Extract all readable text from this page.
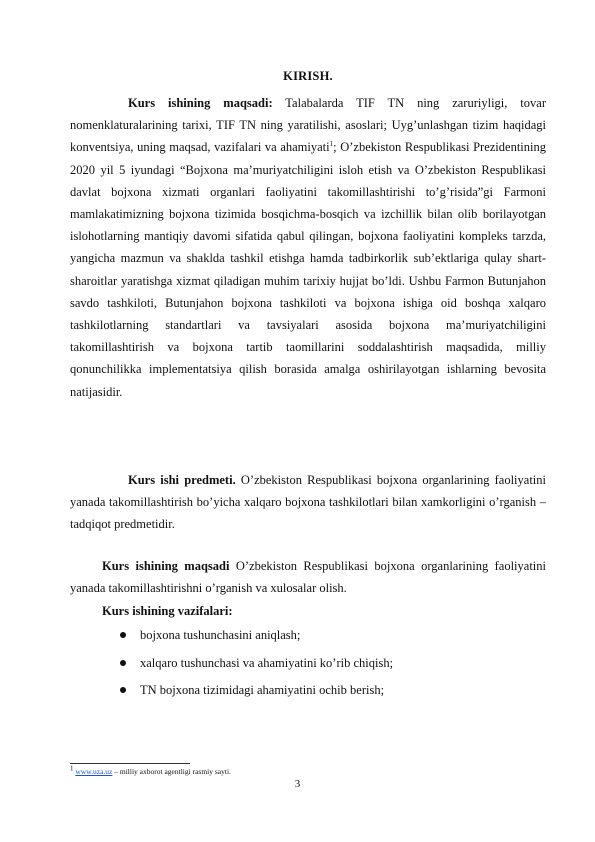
KIRISH.

Kurs ishining maqsadi: Talabalarda TIF TN ning zaruriyligi, tovar nomenklaturalarining tarixi, TIF TN ning yaratilishi, asoslari; Uyg’unlashgan tizim haqidagi konventsiya, uning maqsad, vazifalari va ahamiyati$^1$; O’zbekiston Respublikasi Prezidentining 2020 yil 5 iyundagi “Bojxona ma’muriyatchiligini isloh etish va O’zbekiston Respublikasi davlat bojxona xizmati organlari faoliyatini takomillashtirishi to’g’risida”gi Farmoni mamlakatimizning bojxona tizimida bosqichma-bosqich va izchillik bilan olib borilayotgan islohotlarning mantiqiy davomi sifatida qabul qilingan, bojxona faoliyatini kompleks tarzda, yangicha mazmun va shaklda tashkil etishga hamda tadbirkorlik sub’ektlariga qulay shart-sharoitlar yaratishga xizmat qiladigan muhim tarixiy hujjat bo’ldi. Ushbu Farmon Butunjahon savdo tashkiloti, Butunjahon bojxona tashkiloti va bojxona ishiga oid boshqa xalqaro tashkilotlarning standartlari va tavsiyalari asosida bojxona ma’muriyatchiligini takomillashtirish va bojxona tartib taomillarini soddalashtirish maqsadida, milliy qonunchilikka implementatsiya qilish borasida amalga oshirilayotgan ishlarning bevosita natijasidir.

Kurs ishi predmeti. O’zbekiston Respublikasi bojxona organlarining faoliyatini yanada takomillashtirish bo’yicha xalqaro bojxona tashkilotlari bilan xamkorligini o’rganish – tadqiqot predmetidir.

Kurs ishining maqsadi O’zbekiston Respublikasi bojxona organlarining faoliyatini yanada takomillashtirishni o’rganish va xulosalar olish.

Kurs ishining vazifalari:
bojxona tushunchasini aniqlash;
xalqaro tushunchasi va ahamiyatini ko’rib chiqish;
TN bojxona tizimidagi ahamiyatini ochib berish;
$^1$ www.uza.uz – milliy axborot agentligi rasmiy sayti.
3
